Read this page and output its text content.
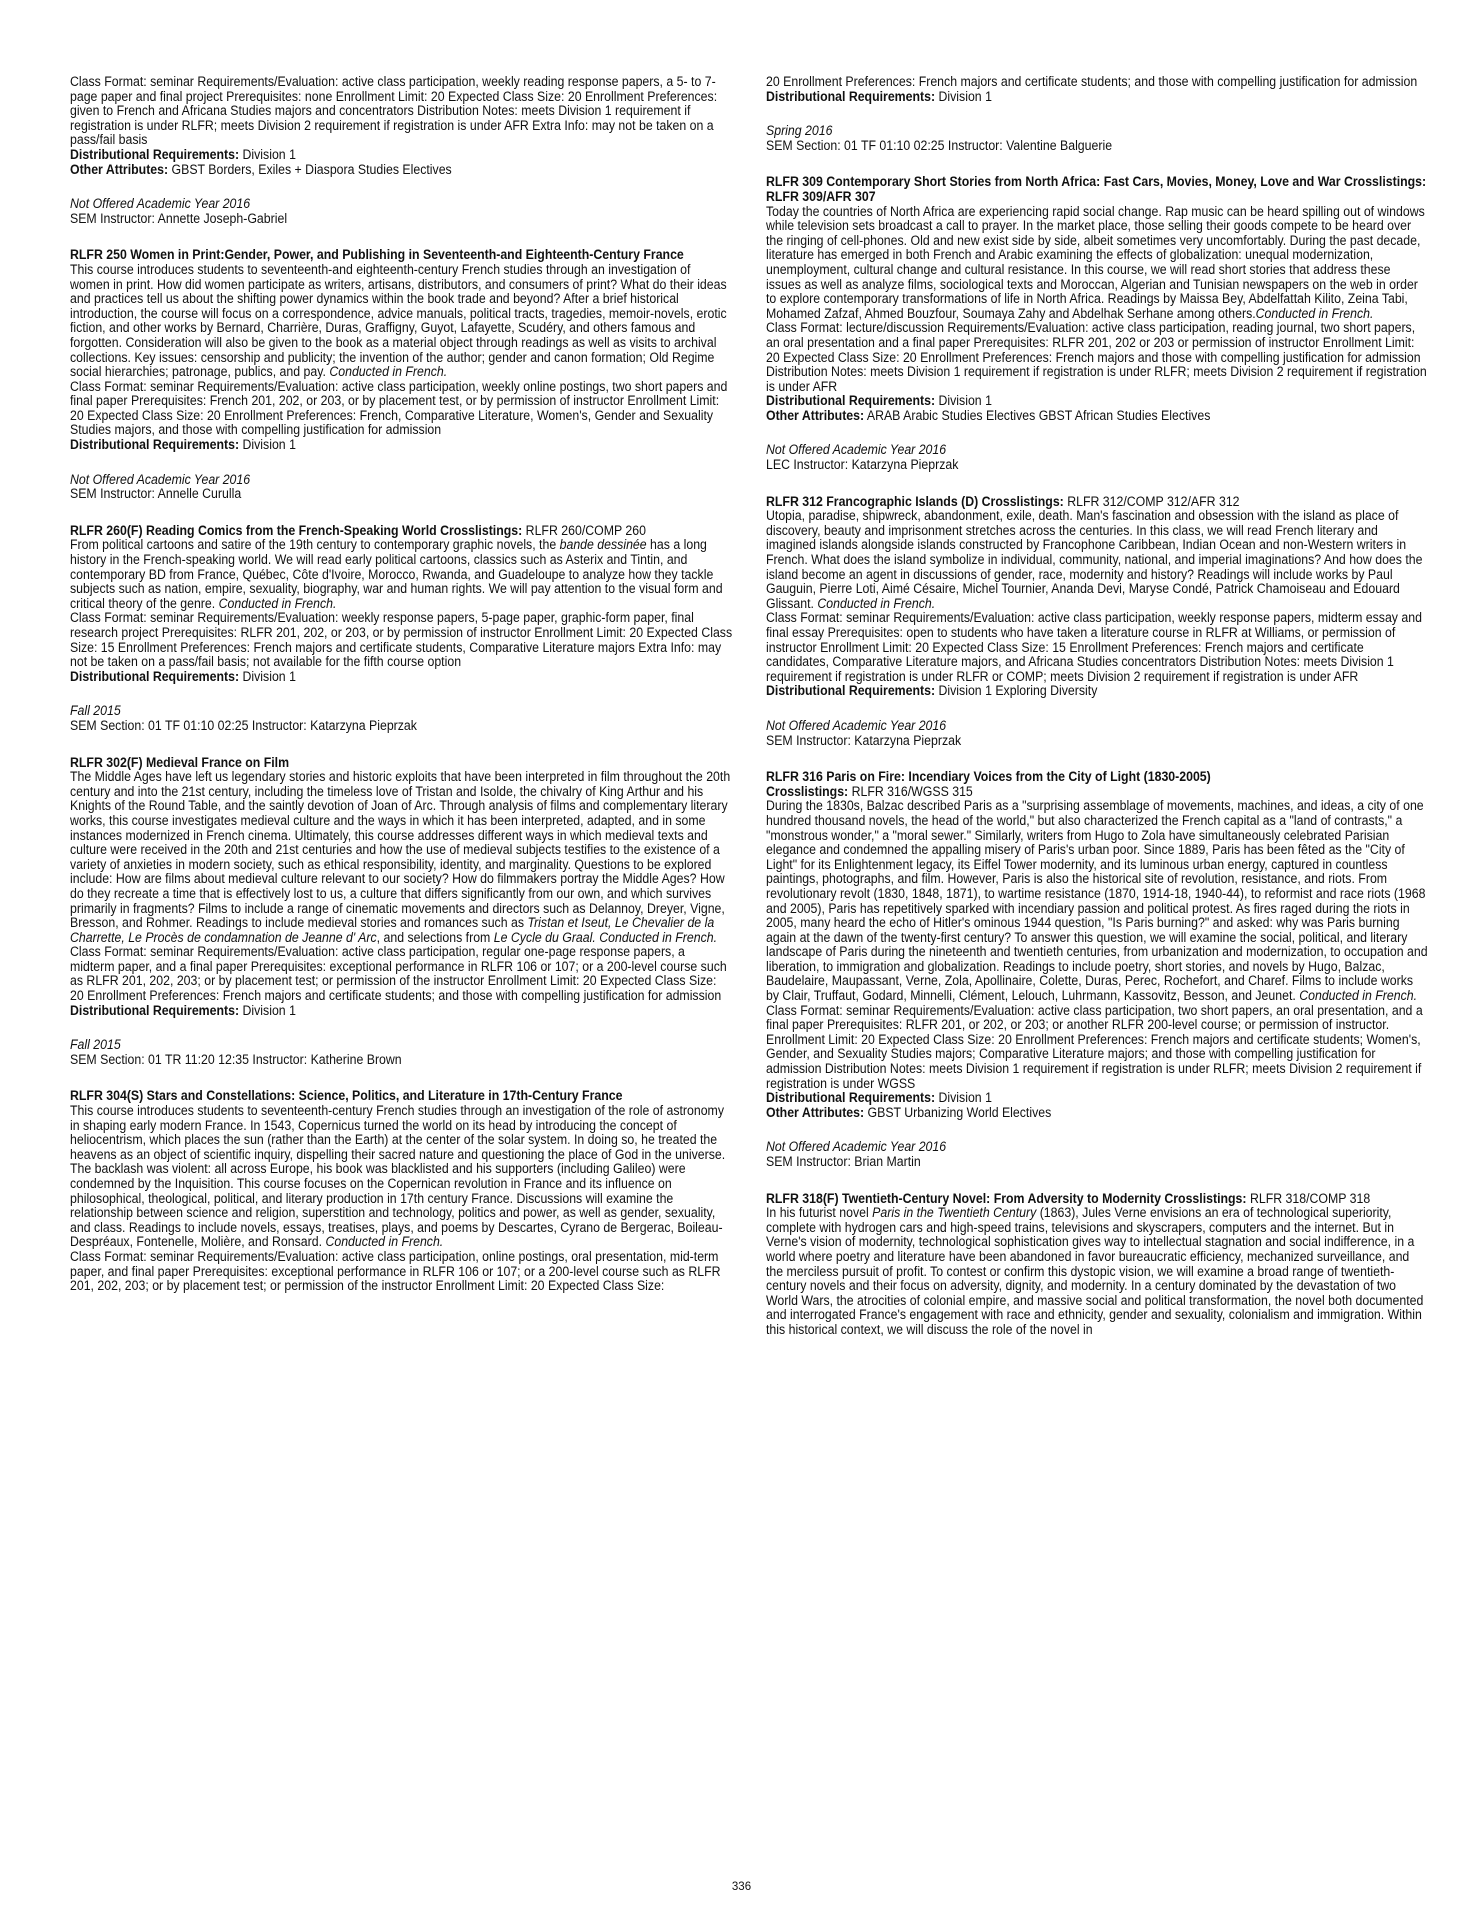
Class Format: seminar Requirements/Evaluation: active class participation, weekly reading response papers, a 5- to 7-page paper and final project Prerequisites: none Enrollment Limit: 20 Expected Class Size: 20 Enrollment Preferences: given to French and Africana Studies majors and concentrators Distribution Notes: meets Division 1 requirement if registration is under RLFR; meets Division 2 requirement if registration is under AFR Extra Info: may not be taken on a pass/fail basis

Distributional Requirements: Division 1

Other Attributes: GBST Borders, Exiles + Diaspora Studies Electives

Not Offered Academic Year 2016

SEM Instructor: Annette Joseph-Gabriel

RLFR 250 Women in Print:Gender, Power, and Publishing in Seventeenth-and Eighteenth-Century France

This course introduces students to seventeenth-and eighteenth-century French studies through an investigation of women in print. How did women participate as writers, artisans, distributors, and consumers of print? What do their ideas and practices tell us about the shifting power dynamics within the book trade and beyond? After a brief historical introduction, the course will focus on a correspondence, advice manuals, political tracts, tragedies, memoir-novels, erotic fiction, and other works by Bernard, Charrière, Duras, Graffigny, Guyot, Lafayette, Scudéry, and others famous and forgotten. Consideration will also be given to the book as a material object through readings as well as visits to archival collections. Key issues: censorship and publicity; the invention of the author; gender and canon formation; Old Regime social hierarchies; patronage, publics, and pay. Conducted in French.

Class Format: seminar Requirements/Evaluation: active class participation, weekly online postings, two short papers and final paper Prerequisites: French 201, 202, or 203, or by placement test, or by permission of instructor Enrollment Limit: 20 Expected Class Size: 20 Enrollment Preferences: French, Comparative Literature, Women's, Gender and Sexuality Studies majors, and those with compelling justification for admission

Distributional Requirements: Division 1

Not Offered Academic Year 2016

SEM Instructor: Annelle Curulla

RLFR 260(F) Reading Comics from the French-Speaking World Crosslistings: RLFR 260/COMP 260

From political cartoons and satire of the 19th century to contemporary graphic novels, the bande dessinée has a long history in the French-speaking world. We will read early political cartoons, classics such as Asterix and Tintin, and contemporary BD from France, Québec, Côte d'Ivoire, Morocco, Rwanda, and Guadeloupe to analyze how they tackle subjects such as nation, empire, sexuality, biography, war and human rights. We will pay attention to the visual form and critical theory of the genre. Conducted in French.

Class Format: seminar Requirements/Evaluation: weekly response papers, 5-page paper, graphic-form paper, final research project Prerequisites: RLFR 201, 202, or 203, or by permission of instructor Enrollment Limit: 20 Expected Class Size: 15 Enrollment Preferences: French majors and certificate students, Comparative Literature majors Extra Info: may not be taken on a pass/fail basis; not available for the fifth course option

Distributional Requirements: Division 1

Fall 2015

SEM Section: 01 TF 01:10 02:25 Instructor: Katarzyna Pieprzak

RLFR 302(F) Medieval France on Film

The Middle Ages have left us legendary stories and historic exploits that have been interpreted in film throughout the 20th century and into the 21st century, including the timeless love of Tristan and Isolde, the chivalry of King Arthur and his Knights of the Round Table, and the saintly devotion of Joan of Arc. Through analysis of films and complementary literary works, this course investigates medieval culture and the ways in which it has been interpreted, adapted, and in some instances modernized in French cinema. Ultimately, this course addresses different ways in which medieval texts and culture were received in the 20th and 21st centuries and how the use of medieval subjects testifies to the existence of a variety of anxieties in modern society, such as ethical responsibility, identity, and marginality. Questions to be explored include: How are films about medieval culture relevant to our society? How do filmmakers portray the Middle Ages? How do they recreate a time that is effectively lost to us, a culture that differs significantly from our own, and which survives primarily in fragments? Films to include a range of cinematic movements and directors such as Delannoy, Dreyer, Vigne, Bresson, and Rohmer. Readings to include medieval stories and romances such as Tristan et Iseut, Le Chevalier de la Charrette, Le Procès de condamnation de Jeanne d' Arc, and selections from Le Cycle du Graal. Conducted in French.

Class Format: seminar Requirements/Evaluation: active class participation, regular one-page response papers, a midterm paper, and a final paper Prerequisites: exceptional performance in RLFR 106 or 107; or a 200-level course such as RLFR 201, 202, 203; or by placement test; or permission of the instructor Enrollment Limit: 20 Expected Class Size: 20 Enrollment Preferences: French majors and certificate students; and those with compelling justification for admission

Distributional Requirements: Division 1

Fall 2015

SEM Section: 01 TR 11:20 12:35 Instructor: Katherine Brown

RLFR 304(S) Stars and Constellations: Science, Politics, and Literature in 17th-Century France

This course introduces students to seventeenth-century French studies through an investigation of the role of astronomy in shaping early modern France. In 1543, Copernicus turned the world on its head by introducing the concept of heliocentrism, which places the sun (rather than the Earth) at the center of the solar system. In doing so, he treated the heavens as an object of scientific inquiry, dispelling their sacred nature and questioning the place of God in the universe. The backlash was violent: all across Europe, his book was blacklisted and his supporters (including Galileo) were condemned by the Inquisition. This course focuses on the Copernican revolution in France and its influence on philosophical, theological, political, and literary production in 17th century France. Discussions will examine the relationship between science and religion, superstition and technology, politics and power, as well as gender, sexuality, and class. Readings to include novels, essays, treatises, plays, and poems by Descartes, Cyrano de Bergerac, Boileau-Despréaux, Fontenelle, Molière, and Ronsard. Conducted in French.

Class Format: seminar Requirements/Evaluation: active class participation, online postings, oral presentation, mid-term paper, and final paper Prerequisites: exceptional performance in RLFR 106 or 107; or a 200-level course such as RLFR 201, 202, 203; or by placement test; or permission of the instructor Enrollment Limit: 20 Expected Class Size:

20 Enrollment Preferences: French majors and certificate students; and those with compelling justification for admission

Distributional Requirements: Division 1

Spring 2016

SEM Section: 01 TF 01:10 02:25 Instructor: Valentine Balguerie

RLFR 309 Contemporary Short Stories from North Africa: Fast Cars, Movies, Money, Love and War Crosslistings: RLFR 309/AFR 307

Today the countries of North Africa are experiencing rapid social change. Rap music can be heard spilling out of windows while television sets broadcast a call to prayer. In the market place, those selling their goods compete to be heard over the ringing of cell-phones. Old and new exist side by side, albeit sometimes very uncomfortably. During the past decade, literature has emerged in both French and Arabic examining the effects of globalization: unequal modernization, unemployment, cultural change and cultural resistance. In this course, we will read short stories that address these issues as well as analyze films, sociological texts and Moroccan, Algerian and Tunisian newspapers on the web in order to explore contemporary transformations of life in North Africa. Readings by Maissa Bey, Abdelfattah Kilito, Zeina Tabi, Mohamed Zafzaf, Ahmed Bouzfour, Soumaya Zahy and Abdelhak Serhane among others.Conducted in French.

Class Format: lecture/discussion Requirements/Evaluation: active class participation, reading journal, two short papers, an oral presentation and a final paper Prerequisites: RLFR 201, 202 or 203 or permission of instructor Enrollment Limit: 20 Expected Class Size: 20 Enrollment Preferences: French majors and those with compelling justification for admission Distribution Notes: meets Division 1 requirement if registration is under RLFR; meets Division 2 requirement if registration is under AFR

Distributional Requirements: Division 1

Other Attributes: ARAB Arabic Studies Electives GBST African Studies Electives

Not Offered Academic Year 2016

LEC Instructor: Katarzyna Pieprzak

RLFR 312 Francographic Islands (D) Crosslistings: RLFR 312/COMP 312/AFR 312

Utopia, paradise, shipwreck, abandonment, exile, death. Man's fascination and obsession with the island as place of discovery, beauty and imprisonment stretches across the centuries. In this class, we will read French literary and imagined islands alongside islands constructed by Francophone Caribbean, Indian Ocean and non-Western writers in French. What does the island symbolize in individual, community, national, and imperial imaginations? And how does the island become an agent in discussions of gender, race, modernity and history? Readings will include works by Paul Gauguin, Pierre Loti, Aimé Césaire, Michel Tournier, Ananda Devi, Maryse Condé, Patrick Chamoiseau and Edouard Glissant. Conducted in French.

Class Format: seminar Requirements/Evaluation: active class participation, weekly response papers, midterm essay and final essay Prerequisites: open to students who have taken a literature course in RLFR at Williams, or permission of instructor Enrollment Limit: 20 Expected Class Size: 15 Enrollment Preferences: French majors and certificate candidates, Comparative Literature majors, and Africana Studies concentrators Distribution Notes: meets Division 1 requirement if registration is under RLFR or COMP; meets Division 2 requirement if registration is under AFR

Distributional Requirements: Division 1 Exploring Diversity

Not Offered Academic Year 2016

SEM Instructor: Katarzyna Pieprzak

RLFR 316 Paris on Fire: Incendiary Voices from the City of Light (1830-2005)

Crosslistings: RLFR 316/WGSS 315

During the 1830s, Balzac described Paris as a "surprising assemblage of movements, machines, and ideas, a city of one hundred thousand novels, the head of the world," but also characterized the French capital as a "land of contrasts," a "monstrous wonder," a "moral sewer." Similarly, writers from Hugo to Zola have simultaneously celebrated Parisian elegance and condemned the appalling misery of Paris's urban poor. Since 1889, Paris has been fêted as the "City of Light" for its Enlightenment legacy, its Eiffel Tower modernity, and its luminous urban energy, captured in countless paintings, photographs, and film. However, Paris is also the historical site of revolution, resistance, and riots. From revolutionary revolt (1830, 1848, 1871), to wartime resistance (1870, 1914-18, 1940-44), to reformist and race riots (1968 and 2005), Paris has repetitively sparked with incendiary passion and political protest. As fires raged during the riots in 2005, many heard the echo of Hitler's ominous 1944 question, "Is Paris burning?" and asked: why was Paris burning again at the dawn of the twenty-first century? To answer this question, we will examine the social, political, and literary landscape of Paris during the nineteenth and twentieth centuries, from urbanization and modernization, to occupation and liberation, to immigration and globalization. Readings to include poetry, short stories, and novels by Hugo, Balzac, Baudelaire, Maupassant, Verne, Zola, Apollinaire, Colette, Duras, Perec, Rochefort, and Charef. Films to include works by Clair, Truffaut, Godard, Minnelli, Clément, Lelouch, Luhrmann, Kassovitz, Besson, and Jeunet. Conducted in French.

Class Format: seminar Requirements/Evaluation: active class participation, two short papers, an oral presentation, and a final paper Prerequisites: RLFR 201, or 202, or 203; or another RLFR 200-level course; or permission of instructor. Enrollment Limit: 20 Expected Class Size: 20 Enrollment Preferences: French majors and certificate students; Women's, Gender, and Sexuality Studies majors; Comparative Literature majors; and those with compelling justification for admission Distribution Notes: meets Division 1 requirement if registration is under RLFR; meets Division 2 requirement if registration is under WGSS

Distributional Requirements: Division 1

Other Attributes: GBST Urbanizing World Electives

Not Offered Academic Year 2016

SEM Instructor: Brian Martin

RLFR 318(F) Twentieth-Century Novel: From Adversity to Modernity Crosslistings: RLFR 318/COMP 318

In his futurist novel Paris in the Twentieth Century (1863), Jules Verne envisions an era of technological superiority, complete with hydrogen cars and high-speed trains, televisions and skyscrapers, computers and the internet. But in Verne's vision of modernity, technological sophistication gives way to intellectual stagnation and social indifference, in a world where poetry and literature have been abandoned in favor bureaucratic efficiency, mechanized surveillance, and the merciless pursuit of profit. To contest or confirm this dystopic vision, we will examine a broad range of twentieth-century novels and their focus on adversity, dignity, and modernity. In a century dominated by the devastation of two World Wars, the atrocities of colonial empire, and massive social and political transformation, the novel both documented and interrogated France's engagement with race and ethnicity, gender and sexuality, colonialism and immigration. Within this historical context, we will discuss the role of the novel in

336
